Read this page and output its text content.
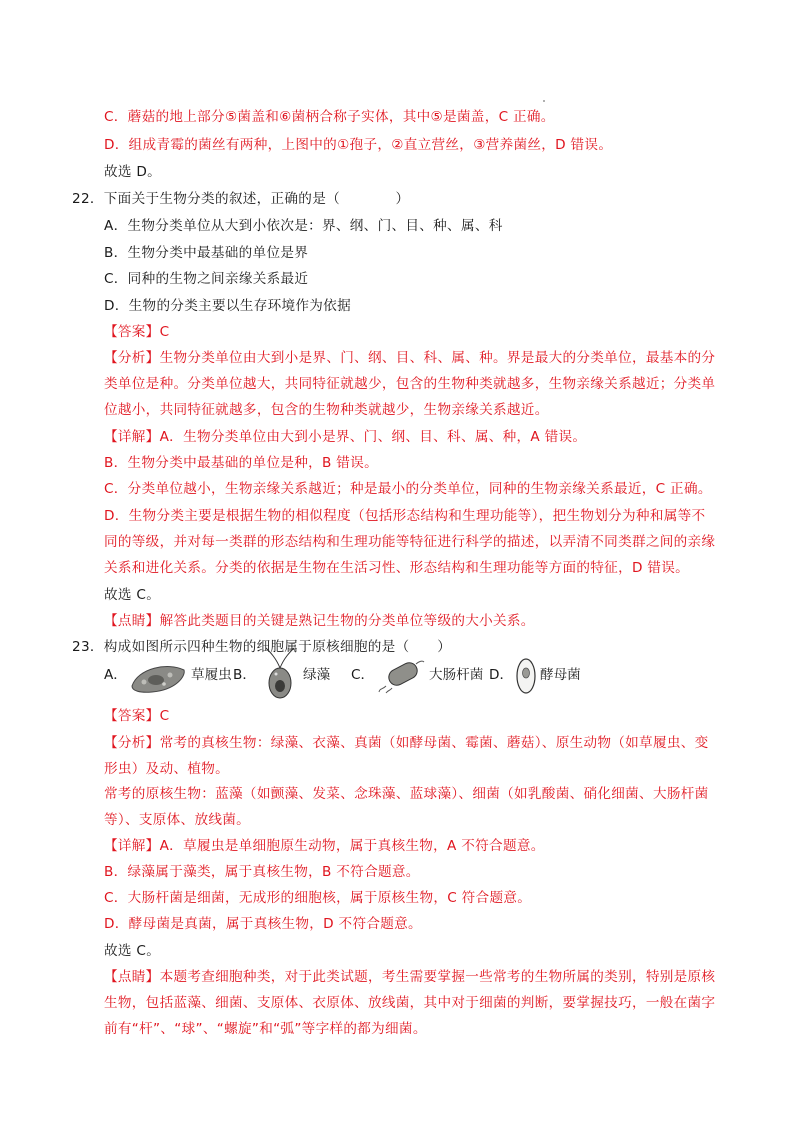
C．蘑菇的地上部分⑤菌盖和⑥菌柄合称子实体，其中⑤是菌盖，C 正确。
D．组成青霉的菌丝有两种，上图中的①孢子，②直立营丝，③营养菌丝，D 错误。
故选 D。
22．下面关于生物分类的叙述，正确的是（　　　　）
A．生物分类单位从大到小依次是：界、纲、门、目、种、属、科
B．生物分类中最基础的单位是界
C．同种的生物之间亲缘关系最近
D．生物的分类主要以生存环境作为依据
【答案】C
【分析】生物分类单位由大到小是界、门、纲、目、科、属、种。界是最大的分类单位，最基本的分
类单位是种。分类单位越大，共同特征就越少，包含的生物种类就越多，生物亲缘关系越近；分类单
位越小，共同特征就越多，包含的生物种类就越少，生物亲缘关系越近。
【详解】A．生物分类单位由大到小是界、门、纲、目、科、属、种，A 错误。
B．生物分类中最基础的单位是种，B 错误。
C．分类单位越小，生物亲缘关系越近；种是最小的分类单位，同种的生物亲缘关系最近，C 正确。
D．生物分类主要是根据生物的相似程度（包括形态结构和生理功能等），把生物划分为种和属等不
同的等级，并对每一类群的形态结构和生理功能等特征进行科学的描述，以弄清不同类群之间的亲缘
关系和进化关系。分类的依据是生物在生活习性、形态结构和生理功能等方面的特征，D 错误。
故选 C。
【点睛】解答此类题目的关键是熟记生物的分类单位等级的大小关系。
23．构成如图所示四种生物的细胞属于原核细胞的是（　　）
A．	草履虫 B．	绿藻 C．	大肠杆菌 D． 酵母菌
【答案】C
【分析】常考的真核生物：绿藻、衣藻、真菌（如酵母菌、霉菌、蘑菇）、原生动物（如草履虫、变
形虫）及动、植物。
常考的原核生物：蓝藻（如颤藻、发菜、念珠藻、蓝球藻）、细菌（如乳酸菌、硝化细菌、大肠杆菌
等）、支原体、放线菌。
【详解】A．草履虫是单细胞原生动物，属于真核生物，A 不符合题意。
B．绿藻属于藻类，属于真核生物，B 不符合题意。
C．大肠杆菌是细菌，无成形的细胞核，属于原核生物，C 符合题意。
D．酵母菌是真菌，属于真核生物，D 不符合题意。
故选 C。
【点睛】本题考查细胞种类，对于此类试题，考生需要掌握一些常考的生物所属的类别，特别是原核
生物，包括蓝藻、细菌、支原体、衣原体、放线菌，其中对于细菌的判断，要掌握技巧，一般在菌字
前有“杆”、“球”、“螺旋”和“弧”等字样的都为细菌。
